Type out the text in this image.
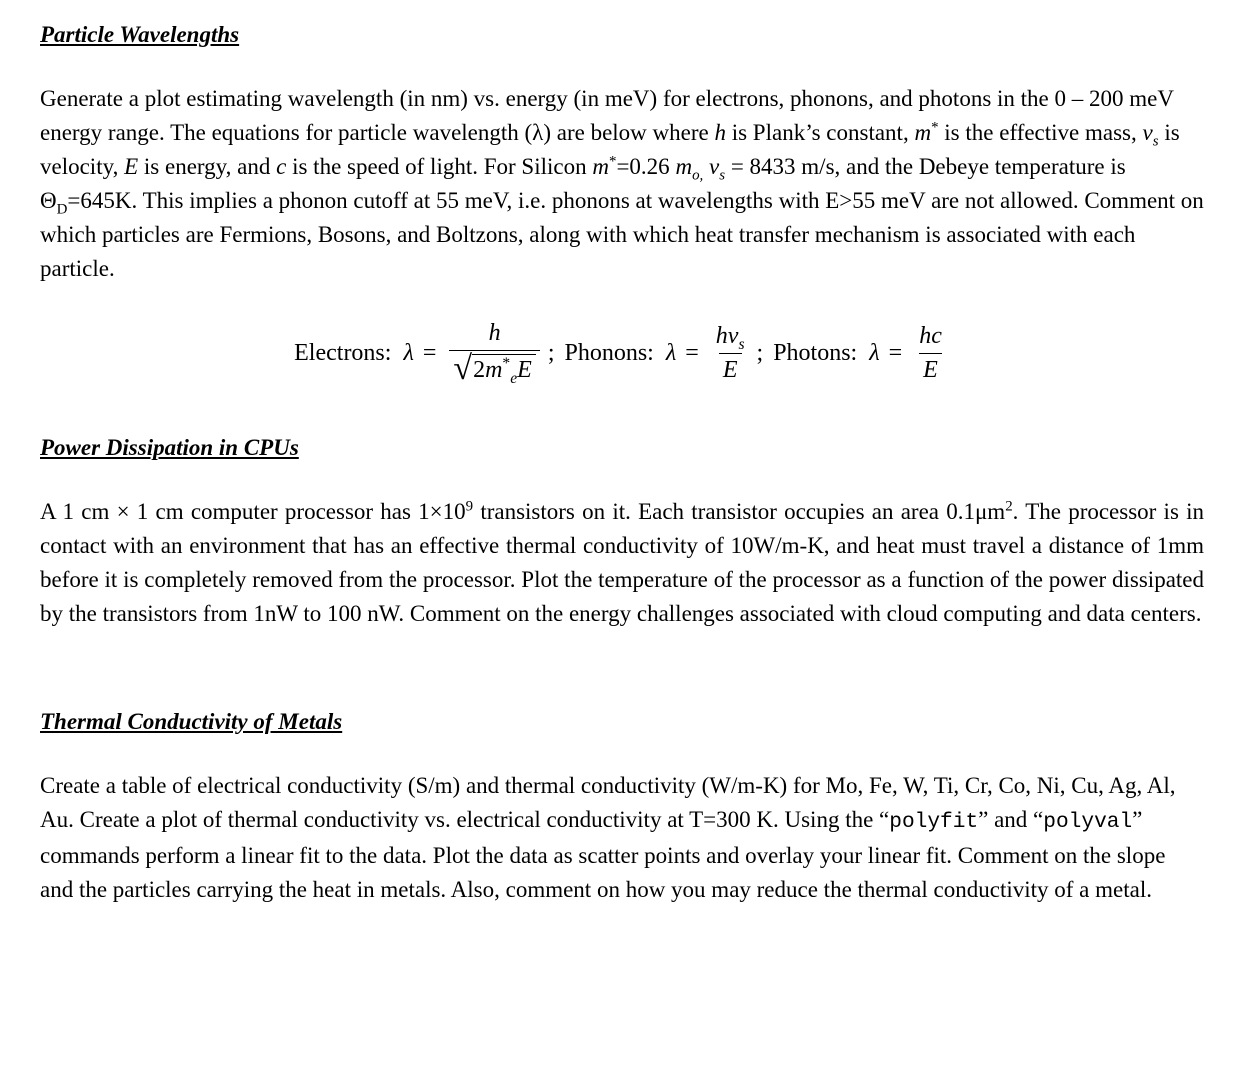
Particle Wavelengths

Generate a plot estimating wavelength (in nm) vs. energy (in meV) for electrons, phonons, and photons in the 0 – 200 meV energy range. The equations for particle wavelength (λ) are below where h is Plank’s constant, m* is the effective mass, $v_s$ is velocity, E is energy, and c is the speed of light. For Silicon m*=0.26 $m_{o,}$ $v_s = 8433$ m/s, and the Debeye temperature is $\Theta_D=645K$. This implies a phonon cutoff at 55 meV, i.e. phonons at wavelengths with E>55 meV are not allowed. Comment on which particles are Fermions, Bosons, and Boltzons, along with which heat transfer mechanism is associated with each particle.

Electrons: $\lambda = \frac{h}{√ 2m^*_eE}$ ; Phonons: $\lambda = \frac{hv_s}{E}$ ; Photons: $\lambda = \frac{hc}{E}$
Power Dissipation in CPUs

A 1 cm × 1 cm computer processor has $1\times 10^9$ transistors on it. Each transistor occupies an area $0.1\mu m^2$. The processor is in contact with an environment that has an effective thermal conductivity of 10W/m-K, and heat must travel a distance of 1mm before it is completely removed from the processor. Plot the temperature of the processor as a function of the power dissipated by the transistors from 1nW to 100 nW. Comment on the energy challenges associated with cloud computing and data centers.

Thermal Conductivity of Metals

Create a table of electrical conductivity (S/m) and thermal conductivity (W/m-K) for Mo, Fe, W, Ti, Cr, Co, Ni, Cu, Ag, Al, Au. Create a plot of thermal conductivity vs. electrical conductivity at T=300 K. Using the “polyfit” and “polyval” commands perform a linear fit to the data. Plot the data as scatter points and overlay your linear fit. Comment on the slope and the particles carrying the heat in metals. Also, comment on how you may reduce the thermal conductivity of a metal.
